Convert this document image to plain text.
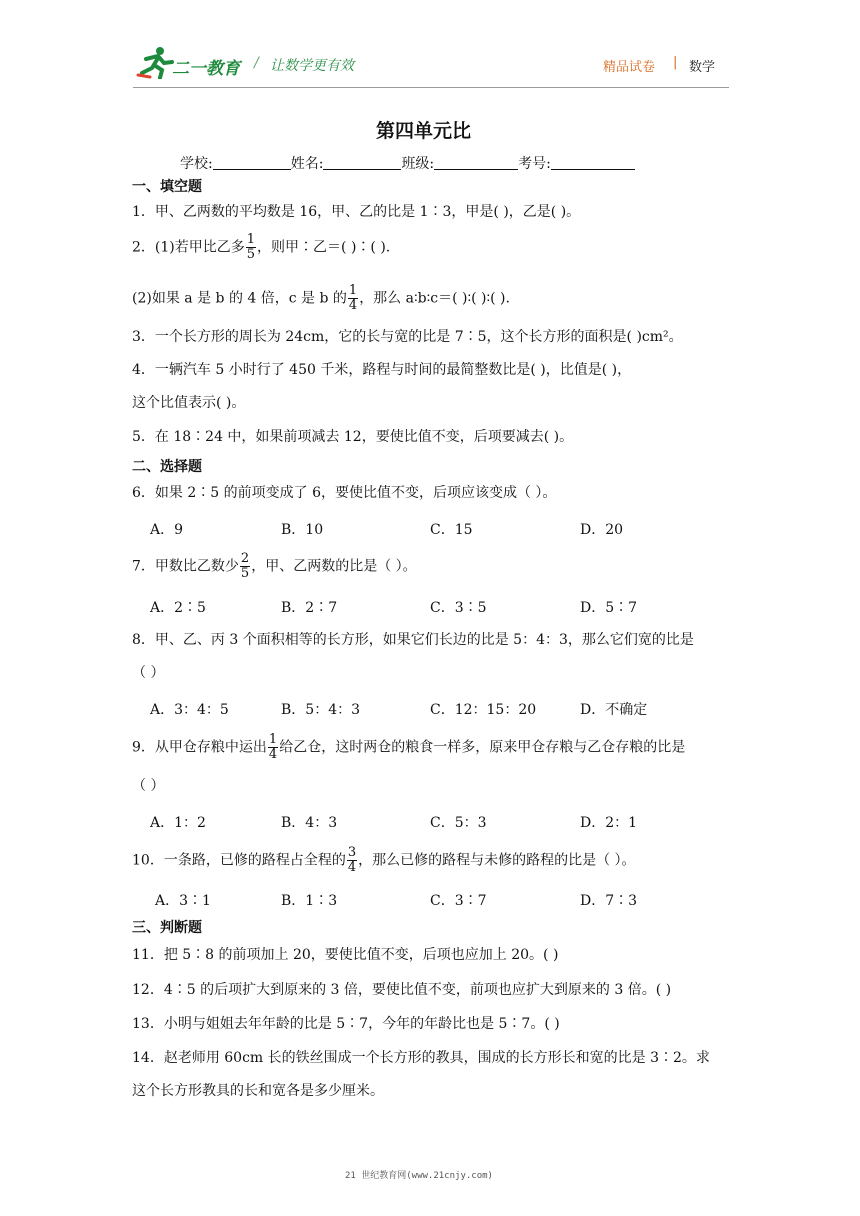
二一教育 / 让数学更有效	精品试卷 | 数学
第四单元比
学校:	姓名:	班级:	考号:
一、填空题
1．甲、乙两数的平均数是 16，甲、乙的比是 1∶3，甲是( )，乙是( )。
2．(1)若甲比乙多 $\frac{1}{5}$ ，则甲∶乙＝( )∶( ).
(2)如果 a 是 b 的 4 倍，c 是 b 的 $\frac{1}{4}$ ，那么 a∶b∶c＝( )∶( )∶( ).
3．一个长方形的周长为 24cm，它的长与宽的比是 7∶5，这个长方形的面积是( )cm²。
4．一辆汽车 5 小时行了 450 千米，路程与时间的最简整数比是( )，比值是( )，
这个比值表示( )。
5．在 18∶24 中，如果前项减去 12，要使比值不变，后项要减去( )。
二、选择题
6．如果 2∶5 的前项变成了 6，要使比值不变，后项应该变成（ ）。
A．9	B．10	C．15	D．20
7．甲数比乙数少 $\frac{2}{5}$ ，甲、乙两数的比是（ ）。
A．2∶5	B．2∶7	C．3∶5	D．5∶7
8．甲、乙、丙 3 个面积相等的长方形，如果它们长边的比是 5：4：3，那么它们宽的比是
（ ）
A．3：4：5	B．5：4：3	C．12：15：20	D．不确定
9．从甲仓存粮中运出 $\frac{1}{4}$ 给乙仓，这时两仓的粮食一样多，原来甲仓存粮与乙仓存粮的比是
（ ）
A．1：2	B．4：3	C．5：3	D．2：1
10．一条路，已修的路程占全程的 $\frac{3}{4}$ ，那么已修的路程与未修的路程的比是（ ）。
A．3∶1	B．1∶3	C．3∶7	D．7∶3
三、判断题
11．把 5∶8 的前项加上 20，要使比值不变，后项也应加上 20。( )
12．4∶5 的后项扩大到原来的 3 倍，要使比值不变，前项也应扩大到原来的 3 倍。( )
13．小明与姐姐去年年龄的比是 5∶7，今年的年龄比也是 5∶7。( )
14．赵老师用 60cm 长的铁丝围成一个长方形的教具，围成的长方形长和宽的比是 3∶2。求
这个长方形教具的长和宽各是多少厘米。
21 世纪教育网(www.21cnjy.com)
